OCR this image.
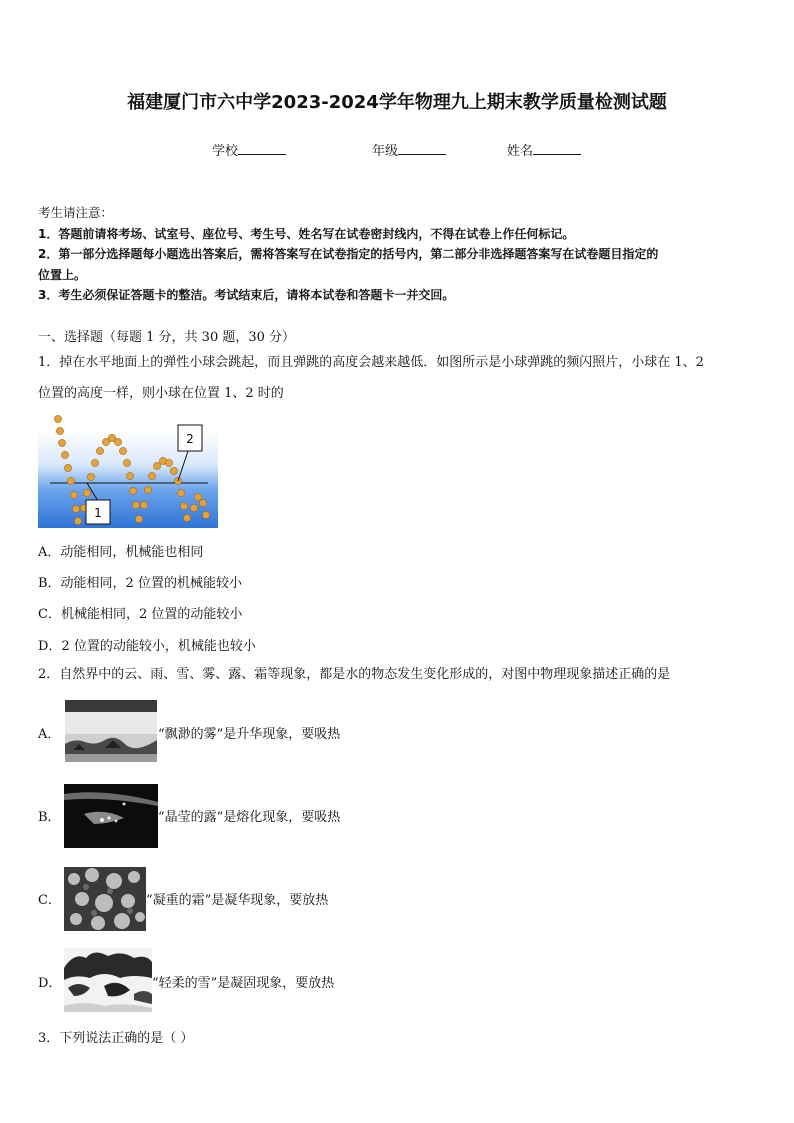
福建厦门市六中学2023-2024学年物理九上期末教学质量检测试题
学校	年级	姓名
考生请注意：
1．答题前请将考场、试室号、座位号、考生号、姓名写在试卷密封线内，不得在试卷上作任何标记。
2．第一部分选择题每小题选出答案后，需将答案写在试卷指定的括号内，第二部分非选择题答案写在试卷题目指定的
位置上。
3．考生必须保证答题卡的整洁。考试结束后，请将本试卷和答题卡一并交回。
一、选择题（每题 1 分，共 30 题，30 分）
1．掉在水平地面上的弹性小球会跳起，而且弹跳的高度会越来越低．如图所示是小球弹跳的频闪照片，小球在 1、2
位置的高度一样，则小球在位置 1、2 时的
1
2
A．动能相同，机械能也相同
B．动能相同，2 位置的机械能较小
C．机械能相同，2 位置的动能较小
D．2 位置的动能较小，机械能也较小
2．自然界中的云、雨、雪、雾、露、霜等现象，都是水的物态发生变化形成的，对图中物理现象描述正确的是
A．	“飘渺的雾”是升华现象，要吸热
B．	“晶莹的露”是熔化现象，要吸热
C．	“凝重的霜”是凝华现象，要放热
D．	“轻柔的雪”是凝固现象，要放热
3．下列说法正确的是（ ）
